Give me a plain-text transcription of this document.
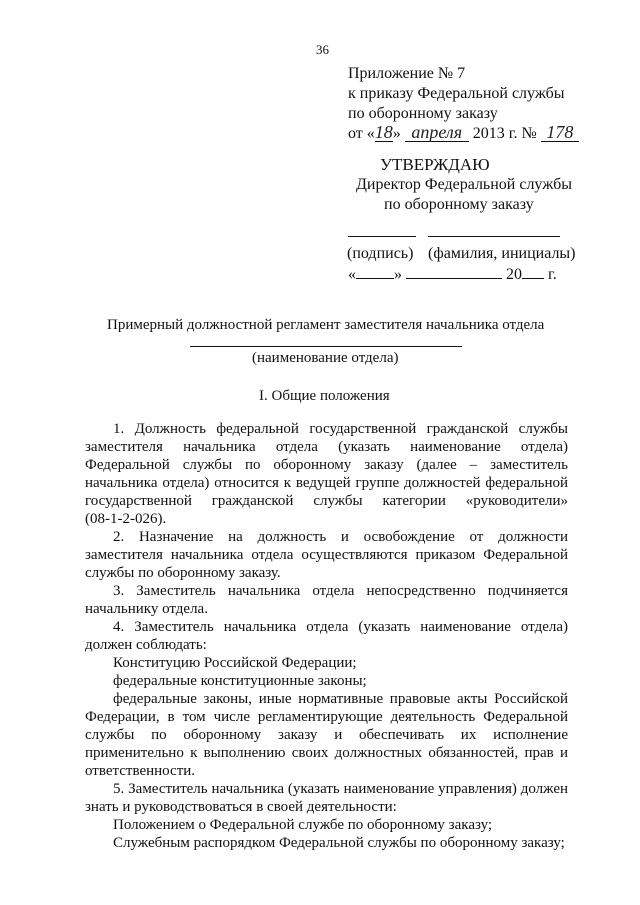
36
Приложение № 7
к приказу Федеральной службы
по оборонному заказу
от «18» апреля 2013 г. № 178
УТВЕРЖДАЮ
Директор Федеральной службы
по оборонному заказу
(подпись) (фамилия, инициалы)
« »	20 г.
Примерный должностной регламент заместителя начальника отдела
(наименование отдела)
I. Общие положения
1. Должность федеральной государственной гражданской службы
заместителя начальника отдела (указать наименование отдела)
Федеральной службы по оборонному заказу (далее – заместитель
начальника отдела) относится к ведущей группе должностей федеральной
государственной гражданской службы категории «руководители»
(08-1-2-026).
2. Назначение на должность и освобождение от должности
заместителя начальника отдела осуществляются приказом Федеральной
службы по оборонному заказу.
3. Заместитель начальника отдела непосредственно подчиняется
начальнику отдела.
4. Заместитель начальника отдела (указать наименование отдела)
должен соблюдать:
Конституцию Российской Федерации;
федеральные конституционные законы;
федеральные законы, иные нормативные правовые акты Российской
Федерации, в том числе регламентирующие деятельность Федеральной
службы по оборонному заказу и обеспечивать их исполнение
применительно к выполнению своих должностных обязанностей, прав и
ответственности.
5. Заместитель начальника (указать наименование управления) должен
знать и руководствоваться в своей деятельности:
Положением о Федеральной службе по оборонному заказу;
Служебным распорядком Федеральной службы по оборонному заказу;
